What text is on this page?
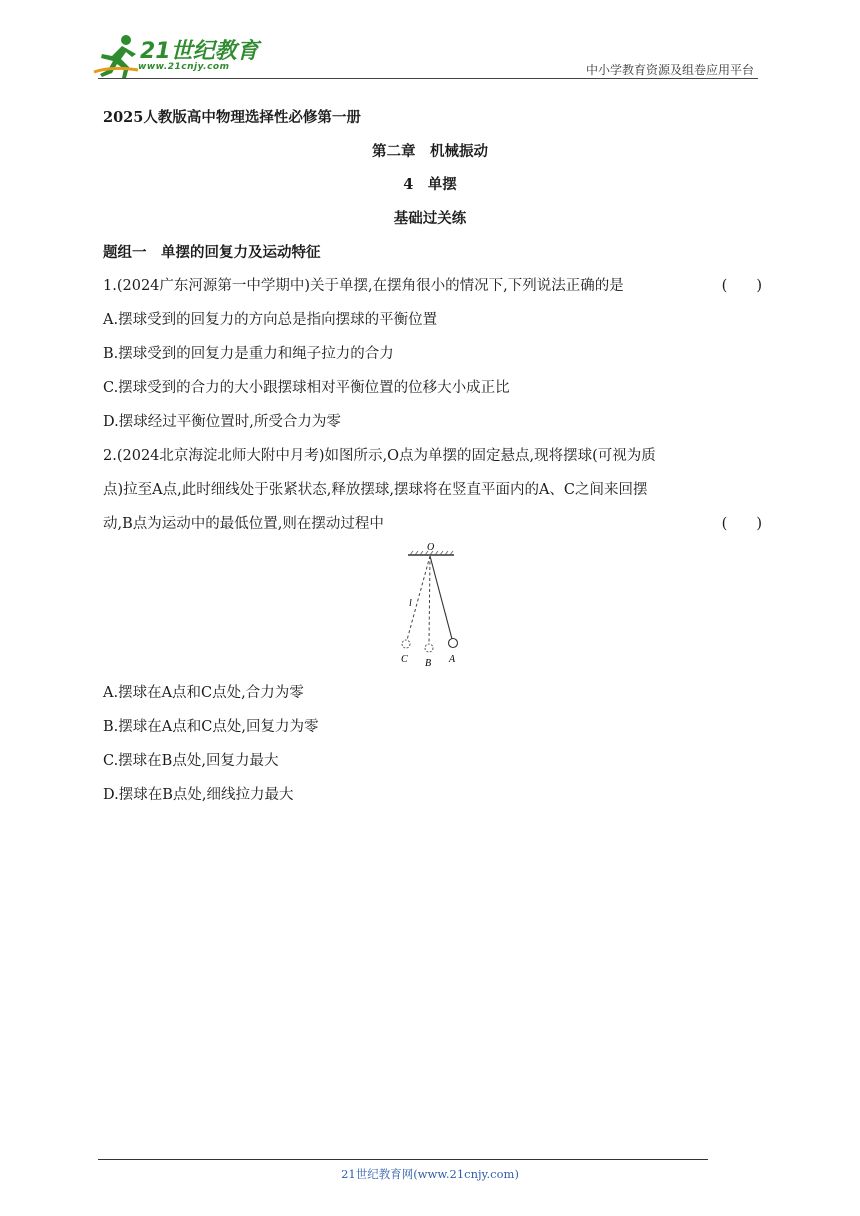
21世纪教育
www.21cnjy.com	中小学教育资源及组卷应用平台
2025人教版高中物理选择性必修第一册
第二章　机械振动
4　单摆
基础过关练
题组一　单摆的回复力及运动特征
1.(2024广东河源第一中学期中)关于单摆,在摆角很小的情况下,下列说法正确的是	(　　)
A.摆球受到的回复力的方向总是指向摆球的平衡位置
B.摆球受到的回复力是重力和绳子拉力的合力
C.摆球受到的合力的大小跟摆球相对平衡位置的位移大小成正比
D.摆球经过平衡位置时,所受合力为零
2.(2024北京海淀北师大附中月考)如图所示,O点为单摆的固定悬点,现将摆球(可视为质
点)拉至A点,此时细线处于张紧状态,释放摆球,摆球将在竖直平面内的A、C之间来回摆
动,B点为运动中的最低位置,则在摆动过程中	(　　)
O
l
A
B
C
A.摆球在A点和C点处,合力为零
B.摆球在A点和C点处,回复力为零
C.摆球在B点处,回复力最大
D.摆球在B点处,细线拉力最大
21世纪教育网(www.21cnjy.com)
